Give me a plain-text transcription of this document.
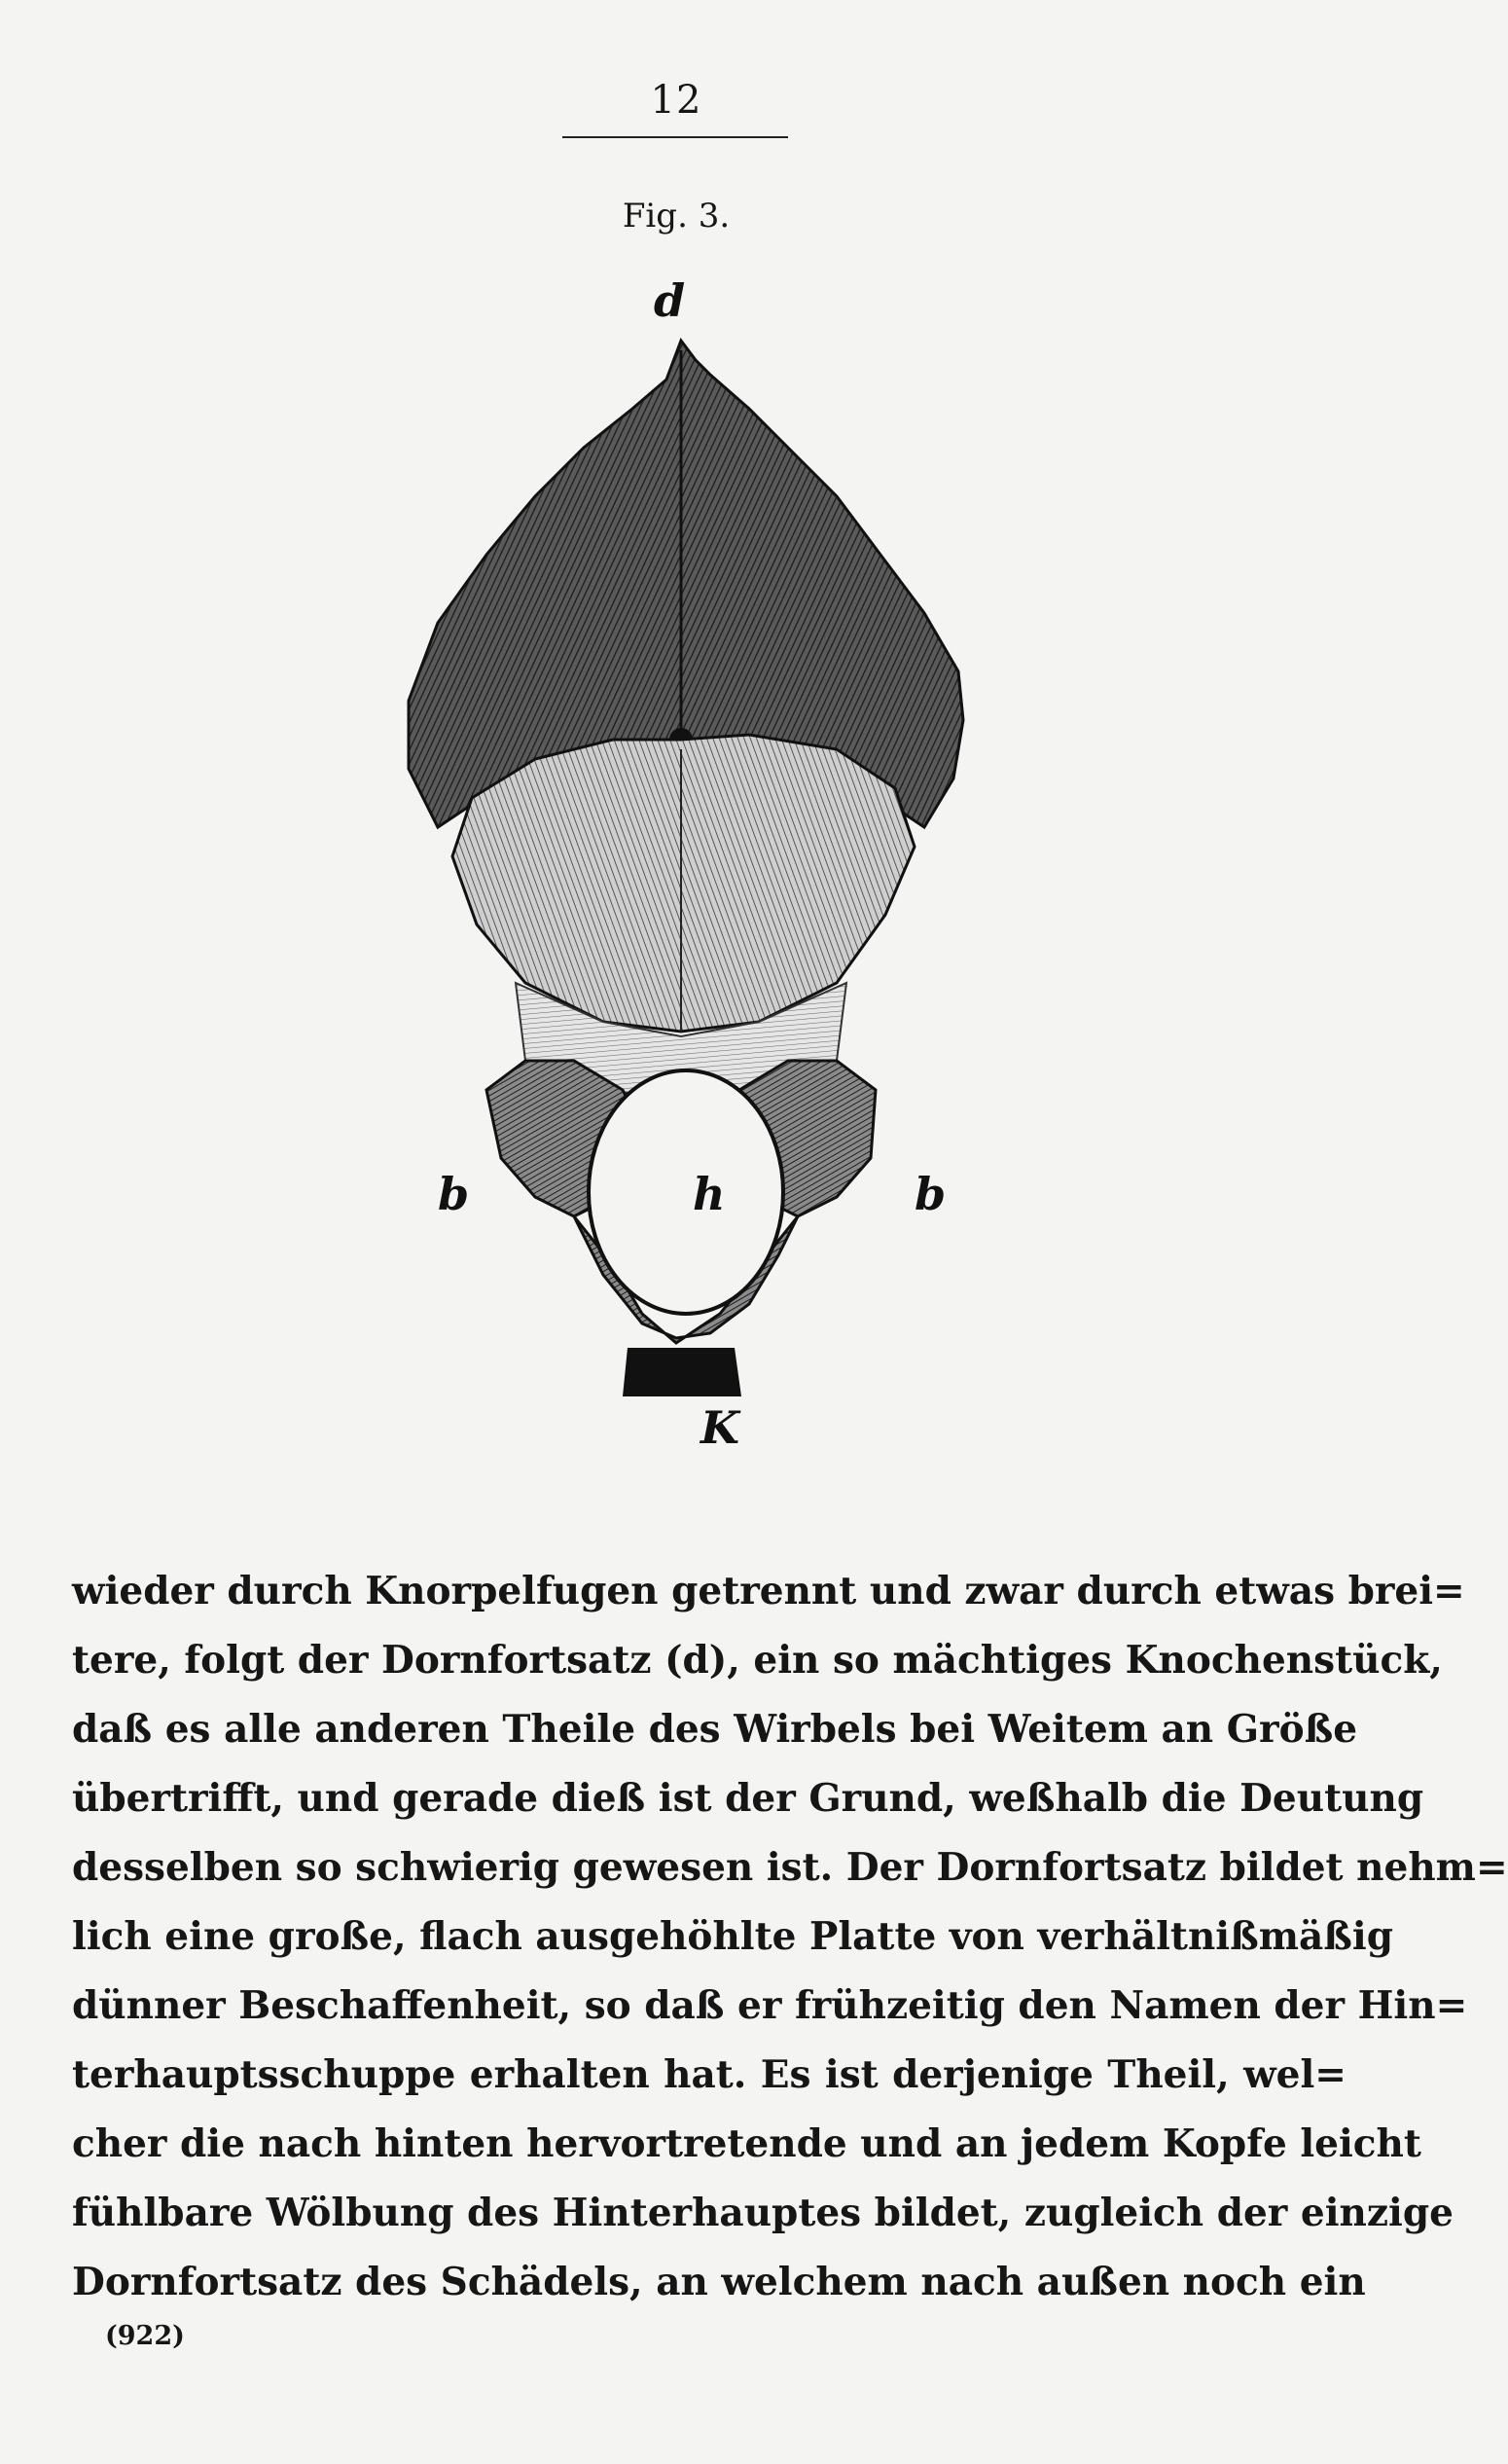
12
Fig. 3.
d
b	h	b
K
wieder durch Knorpelfugen getrennt und zwar durch etwas brei=
tere, folgt der Dornfortsatz (d), ein so mächtiges Knochenstück,
daß es alle anderen Theile des Wirbels bei Weitem an Größe
übertrifft, und gerade dieß ist der Grund, weßhalb die Deutung
desselben so schwierig gewesen ist. Der Dornfortsatz bildet nehm=
lich eine große, flach ausgehöhlte Platte von verhältnißmäßig
dünner Beschaffenheit, so daß er frühzeitig den Namen der Hin=
terhauptsschuppe erhalten hat. Es ist derjenige Theil, wel=
cher die nach hinten hervortretende und an jedem Kopfe leicht
fühlbare Wölbung des Hinterhauptes bildet, zugleich der einzige
Dornfortsatz des Schädels, an welchem nach außen noch ein
(922)
